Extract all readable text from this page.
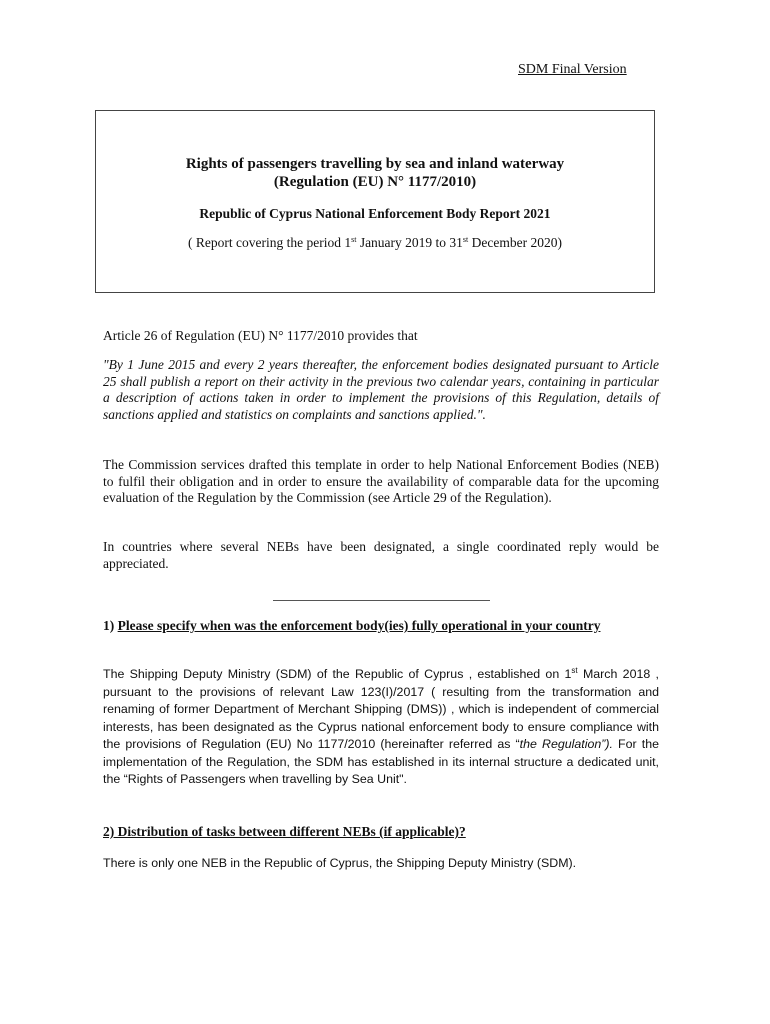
SDM Final Version
Rights of passengers travelling by sea and inland waterway
(Regulation (EU) N° 1177/2010)
Republic of Cyprus National Enforcement Body Report 2021
( Report covering the period 1st January 2019 to 31st December 2020)

Article 26 of Regulation (EU) N° 1177/2010 provides that

"By 1 June 2015 and every 2 years thereafter, the enforcement bodies designated pursuant to Article 25 shall publish a report on their activity in the previous two calendar years, containing in particular a description of actions taken in order to implement the provisions of this Regulation, details of sanctions applied and statistics on complaints and sanctions applied.".

The Commission services drafted this template in order to help National Enforcement Bodies (NEB) to fulfil their obligation and in order to ensure the availability of comparable data for the upcoming evaluation of the Regulation by the Commission (see Article 29 of the Regulation).

In countries where several NEBs have been designated, a single coordinated reply would be appreciated.

1) Please specify when was the enforcement body(ies) fully operational in your country

The Shipping Deputy Ministry (SDM) of the Republic of Cyprus , established on 1st March 2018 , pursuant to the provisions of relevant Law 123(I)/2017 ( resulting from the transformation and renaming of former Department of Merchant Shipping (DMS)) , which is independent of commercial interests, has been designated as the Cyprus national enforcement body to ensure compliance with the provisions of Regulation (EU) No 1177/2010 (hereinafter referred as “the Regulation”). For the implementation of the Regulation, the SDM has established in its internal structure a dedicated unit, the “Rights of Passengers when travelling by Sea Unit".

2) Distribution of tasks between different NEBs (if applicable)?

There is only one NEB in the Republic of Cyprus, the Shipping Deputy Ministry (SDM).
